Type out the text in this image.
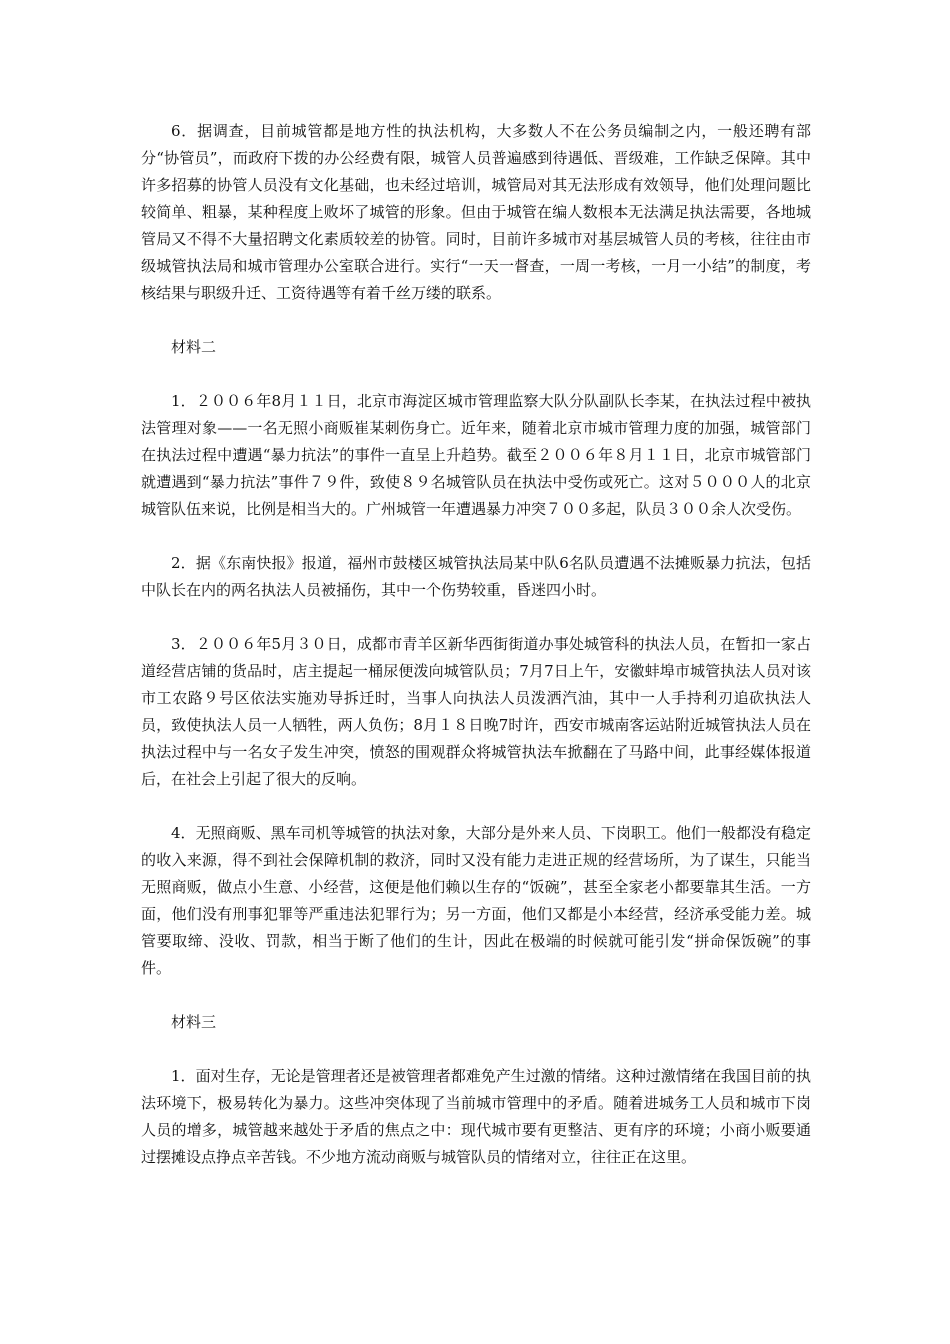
6．据调查，目前城管都是地方性的执法机构，大多数人不在公务员编制之内，一般还聘有部分“协管员”，而政府下拨的办公经费有限，城管人员普遍感到待遇低、晋级难，工作缺乏保障。其中许多招募的协管人员没有文化基础，也未经过培训，城管局对其无法形成有效领导，他们处理问题比较简单、粗暴，某种程度上败坏了城管的形象。但由于城管在编人数根本无法满足执法需要，各地城管局又不得不大量招聘文化素质较差的协管。同时，目前许多城市对基层城管人员的考核，往往由市级城管执法局和城市管理办公室联合进行。实行“一天一督查，一周一考核，一月一小结”的制度，考核结果与职级升迁、工资待遇等有着千丝万缕的联系。

材料二

1．２００６年8月１１日，北京市海淀区城市管理监察大队分队副队长李某，在执法过程中被执法管理对象——一名无照小商贩崔某刺伤身亡。近年来，随着北京市城市管理力度的加强，城管部门在执法过程中遭遇“暴力抗法”的事件一直呈上升趋势。截至２００６年８月１１日，北京市城管部门就遭遇到“暴力抗法”事件７９件，致使８９名城管队员在执法中受伤或死亡。这对５０００人的北京城管队伍来说，比例是相当大的。广州城管一年遭遇暴力冲突７００多起，队员３００余人次受伤。

2．据《东南快报》报道，福州市鼓楼区城管执法局某中队6名队员遭遇不法摊贩暴力抗法，包括中队长在内的两名执法人员被捅伤，其中一个伤势较重，昏迷四小时。

3．２００６年5月３０日，成都市青羊区新华西街街道办事处城管科的执法人员，在暂扣一家占道经营店铺的货品时，店主提起一桶尿便泼向城管队员；7月7日上午，安徽蚌埠市城管执法人员对该市工农路９号区依法实施劝导拆迁时，当事人向执法人员泼洒汽油，其中一人手持利刃追砍执法人员，致使执法人员一人牺牲，两人负伤；8月１８日晚7时许，西安市城南客运站附近城管执法人员在执法过程中与一名女子发生冲突，愤怒的围观群众将城管执法车掀翻在了马路中间，此事经媒体报道后，在社会上引起了很大的反响。

4．无照商贩、黑车司机等城管的执法对象，大部分是外来人员、下岗职工。他们一般都没有稳定的收入来源，得不到社会保障机制的救济，同时又没有能力走进正规的经营场所，为了谋生，只能当无照商贩，做点小生意、小经营，这便是他们赖以生存的“饭碗”，甚至全家老小都要靠其生活。一方面，他们没有刑事犯罪等严重违法犯罪行为；另一方面，他们又都是小本经营，经济承受能力差。城管要取缔、没收、罚款，相当于断了他们的生计，因此在极端的时候就可能引发“拼命保饭碗”的事件。

材料三

1．面对生存，无论是管理者还是被管理者都难免产生过激的情绪。这种过激情绪在我国目前的执法环境下，极易转化为暴力。这些冲突体现了当前城市管理中的矛盾。随着进城务工人员和城市下岗人员的增多，城管越来越处于矛盾的焦点之中：现代城市要有更整洁、更有序的环境；小商小贩要通过摆摊设点挣点辛苦钱。不少地方流动商贩与城管队员的情绪对立，往往正在这里。
